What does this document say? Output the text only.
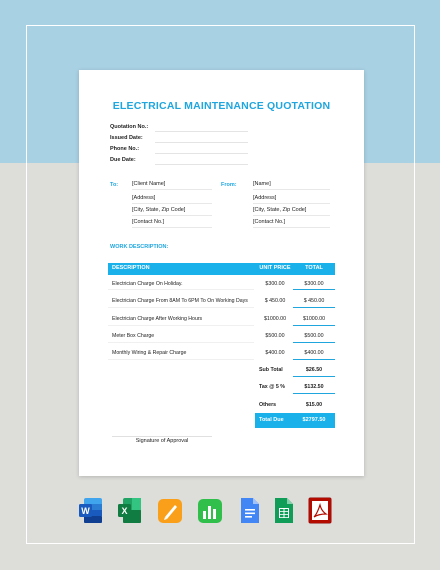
ELECTRICAL MAINTENANCE QUOTATION
Quotation No.:
Issued Date:
Phone No.:
Due Date:
To:	[Client Name]
[Address]
[City, State, Zip Code]
[Contact No.]
From:	[Name]
[Address]
[City, State, Zip Code]
[Contact No.]
WORK DESCRIPTION:
DESCRIPTION	UNIT PRICE	TOTAL
Electrician Charge On Holiday.	$300.00	$300.00
Electrician Charge From 8AM To 6PM To On Working Days	$ 450.00	$ 450.00
Electrician Charge After Working Hours	$1000.00	$1000.00
Meter Box Charge	$500.00	$500.00
Monthly Wiring & Repair Charge	$400.00	$400.00
Sub Total	$26.50
Tax @ 5 %	$132.50
Others	$15.00
Total Due	$2797.50
Signature of Approval
W	X
